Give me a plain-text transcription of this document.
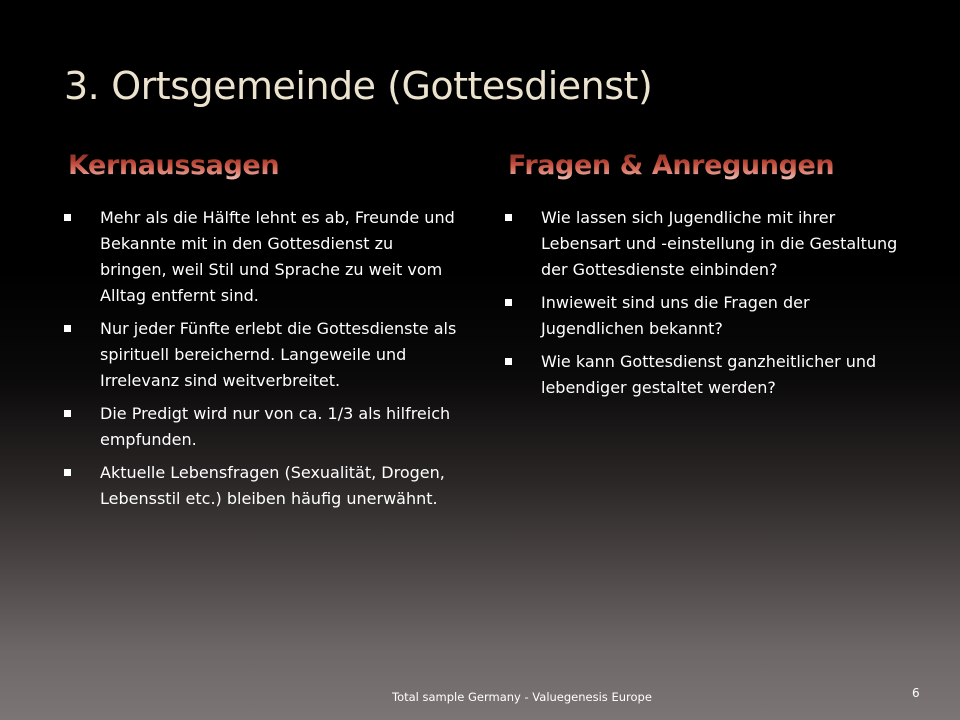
3. Ortsgemeinde (Gottesdienst)
Kernaussagen	Fragen & Anregungen
Mehr als die Hälfte lehnt es ab, Freunde und Bekannte mit in den Gottesdienst zu bringen, weil Stil und Sprache zu weit vom Alltag entfernt sind.
Nur jeder Fünfte erlebt die Gottesdienste als spirituell bereichernd. Langeweile und Irrelevanz sind weitverbreitet.
Die Predigt wird nur von ca. 1/3 als hilfreich empfunden.
Aktuelle Lebensfragen (Sexualität, Drogen, Lebensstil etc.) bleiben häufig unerwähnt.
Wie lassen sich Jugendliche mit ihrer Lebensart und -einstellung in die Gestaltung der Gottesdienste einbinden?
Inwieweit sind uns die Fragen der Jugendlichen bekannt?
Wie kann Gottesdienst ganzheitlicher und lebendiger gestaltet werden?
Total sample Germany - Valuegenesis Europe	6
